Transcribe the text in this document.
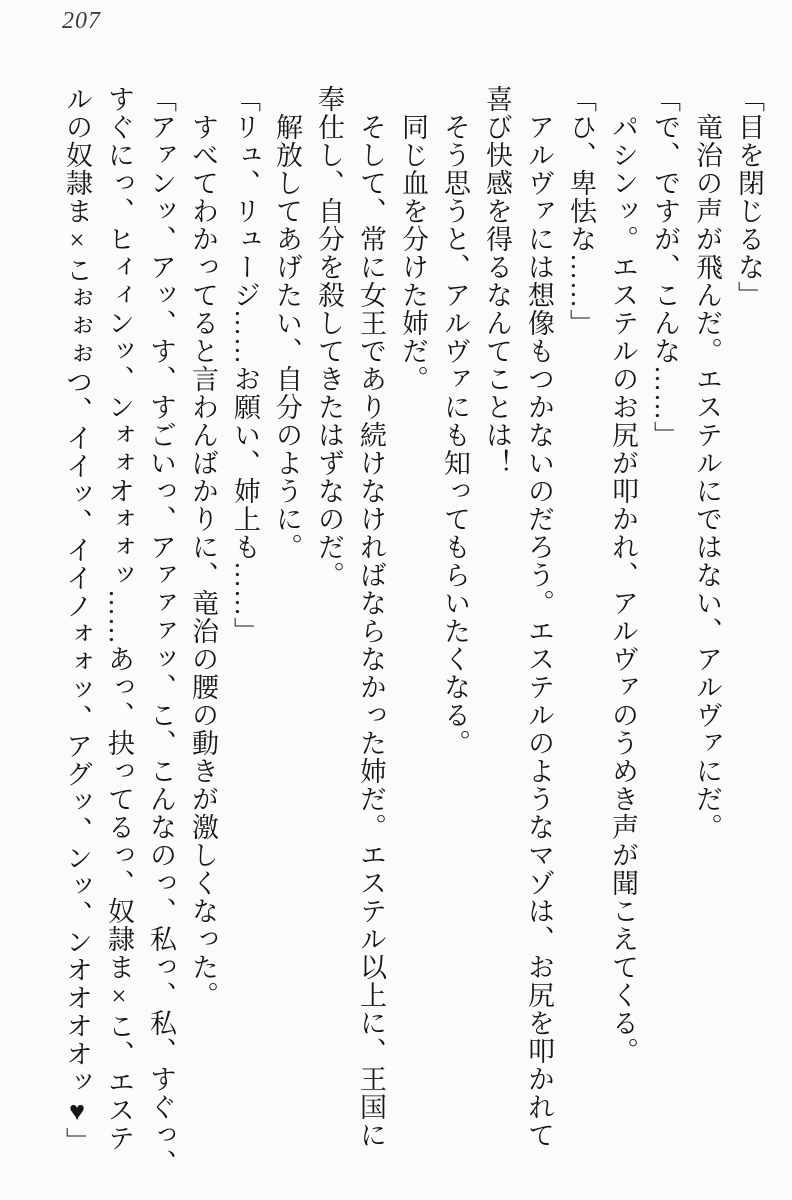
207

「目を閉じるな」

　竜治の声が飛んだ。エステルにではない、アルヴァにだ。

「で、ですが、こんな……」

　パシンッ。エステルのお尻が叩かれ、アルヴァのうめき声が聞こえてくる。

「ひ、卑怯な……」

　アルヴァには想像もつかないのだろう。エステルのようなマゾは、お尻を叩かれて

喜び快感を得るなんてことは！

　そう思うと、アルヴァにも知ってもらいたくなる。

　同じ血を分けた姉だ。

　そして、常に女王であり続けなければならなかった姉だ。エステル以上に、王国に

奉仕し、自分を殺してきたはずなのだ。

　解放してあげたい、自分のように。

「リュ、リュージ……お願い、姉上も……」

　すべてわかってると言わんばかりに、竜治の腰の動きが激しくなった。

「アァンッ、アッ、す、すごいっ、アァァァッ、こ、こんなのっ、私っ、私、すぐっ、

すぐにっ、ヒィィンッ、ンォォオォォッ……あっ、抉ってるっ、奴隷ま×こ、エステ

ルの奴隷ま×こぉぉぉつ、イイッ、イイノォォッ、アグッ、ンッ、ンオオオオッ♥」
